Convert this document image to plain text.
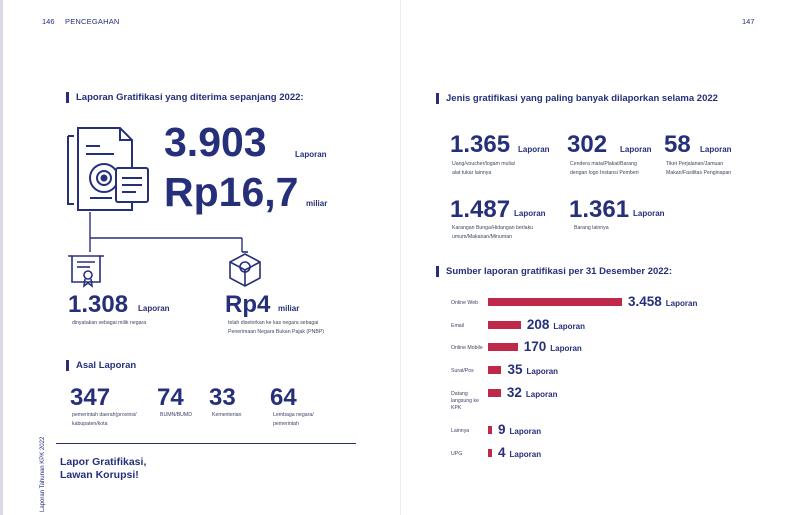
146 PENCEGAHAN	147
Laporan Tahunan KPK 2022
Laporan Gratifikasi yang diterima sepanjang 2022:
3.903	Laporan
Rp16,7 miliar
1.308 Laporan
dinyatakan sebagai milik negara
Rp4 miliar
telah disetorkan ke kas negara sebagai
Penerimaan Negara Bukan Pajak (PNBP)
Asal Laporan
347
pemerintah daerah(provinsi/
kabupaten/kota
74
BUMN/BUMD
33
Kementerian
64
Lembaga negara/
pemerintah
Lapor Gratifikasi,
Lawan Korupsi!
Jenis gratifikasi yang paling banyak dilaporkan selama 2022
1.365 Laporan
Uang/voucher/logam mulia/
alat tukar lainnya
302 Laporan
Cendera mata/Plakat/Barang
dengan logo Instansi Pemberi
58 Laporan
Tiket Perjalanan/Jamuan
Makan/Fasilitas Penginapan
1.487 Laporan
Karangan Bunga/Hidangan berlaku
umum/Makanan/Minuman
1.361 Laporan
Barang lainnya
Sumber laporan gratifikasi per 31 Desember 2022:
Online Web	3.458 Laporan
Email	208 Laporan
Online Mobile	170 Laporan
Surat/Pos	35 Laporan
Datang langsung ke KPK
32 Laporan
Lainnya	9 Laporan
UPG	4 Laporan
